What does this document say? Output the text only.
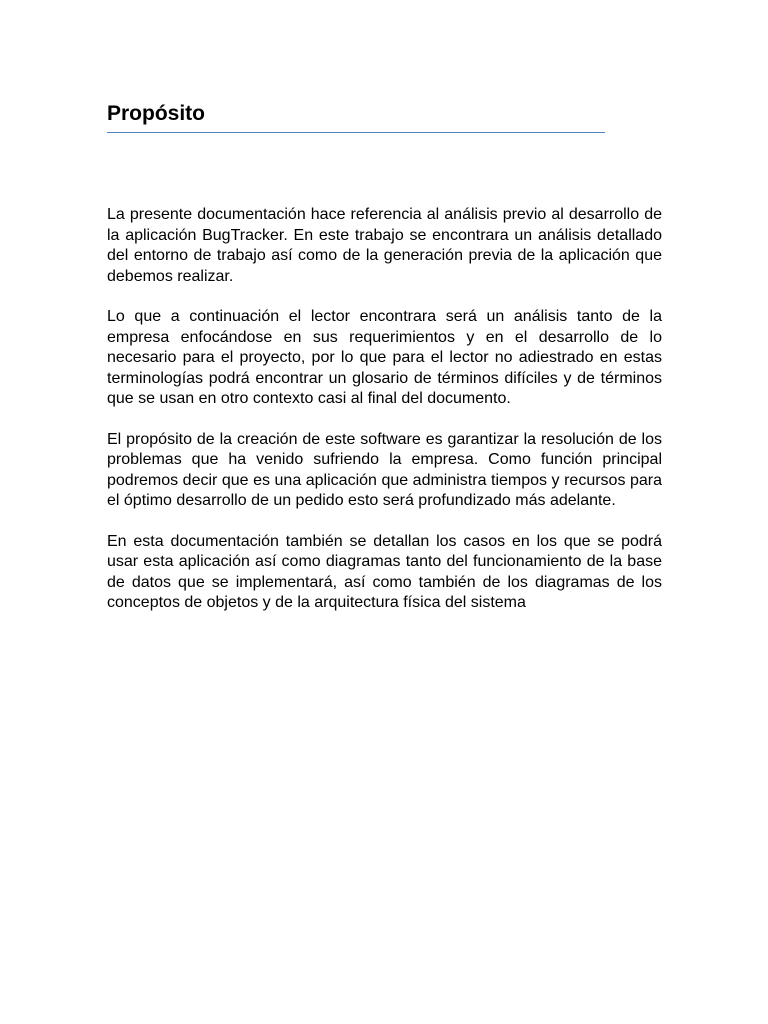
Propósito

La presente documentación hace referencia al análisis previo al desarrollo de la aplicación BugTracker. En este trabajo se encontrara un análisis detallado del entorno de trabajo así como de la generación previa de la aplicación que debemos realizar.

Lo que a continuación el lector encontrara será un análisis tanto de la empresa enfocándose en sus requerimientos y en el desarrollo de lo necesario para el proyecto, por lo que para el lector no adiestrado en estas terminologías podrá encontrar un glosario de términos difíciles y de términos que se usan en otro contexto casi al final del documento.

El propósito de la creación de este software es garantizar la resolución de los problemas que ha venido sufriendo la empresa. Como función principal podremos decir que es una aplicación que administra tiempos y recursos para el óptimo desarrollo de un pedido esto será profundizado más adelante.

En esta documentación también se detallan los casos en los que se podrá usar esta aplicación así como diagramas tanto del funcionamiento de la base de datos que se implementará, así como también de los diagramas de los conceptos de objetos y de la arquitectura física del sistema
